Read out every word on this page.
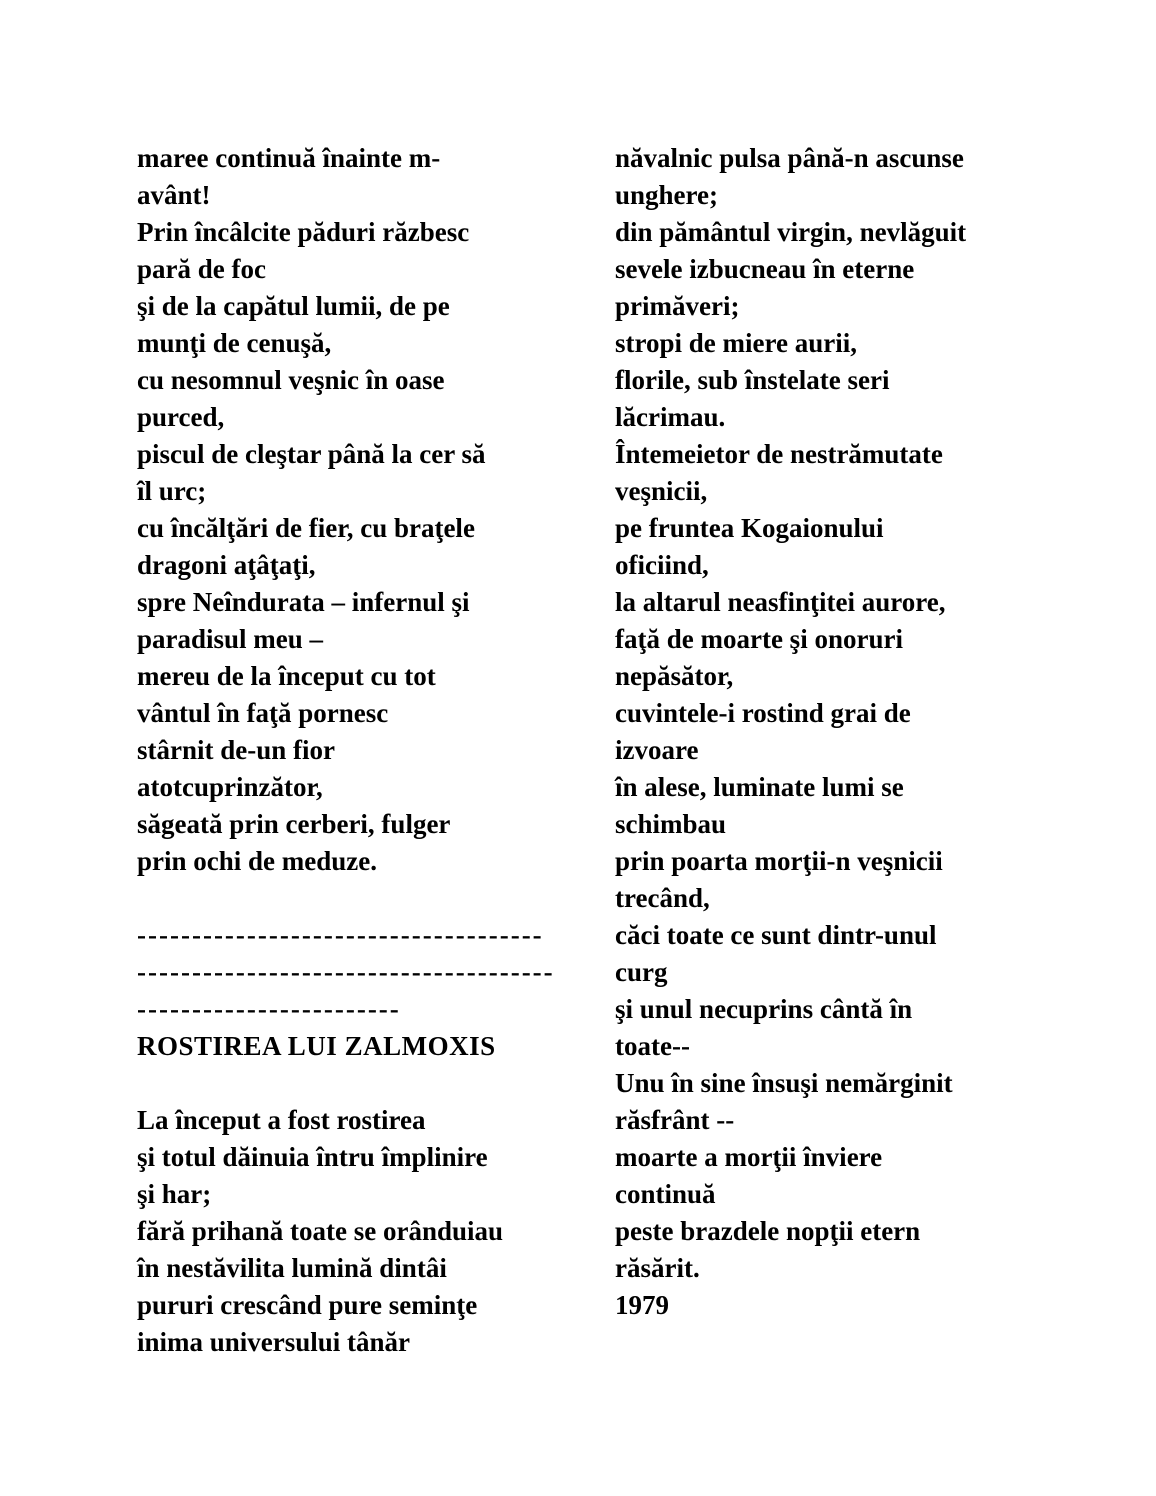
maree continuă înainte m-
avânt!
Prin încâlcite păduri răzbesc
pară de foc
şi de la capătul lumii, de pe
munţi de cenuşă,
cu nesomnul veşnic în oase
purced,
piscul de cleştar până la cer să
îl urc;
cu încălţări de fier, cu braţele
dragoni aţâţaţi,
spre Neîndurata – infernul şi
paradisul meu –
mereu de la început cu tot
vântul în faţă pornesc
stârnit de-un fior
atotcuprinzător,
săgeată prin cerberi, fulger
prin ochi de meduze.

-------------------------------------
--------------------------------------
------------------------
ROSTIREA LUI ZALMOXIS

La început a fost rostirea
şi totul dăinuia întru împlinire
şi har;
fără prihană toate se orânduiau
în nestăvilita lumină dintâi
pururi crescând pure seminţe
inima universului tânăr
năvalnic pulsa până-n ascunse
unghere;
din pământul virgin, nevlăguit
sevele izbucneau în eterne
primăveri;
stropi de miere aurii,
florile, sub înstelate seri
lăcrimau.
Întemeietor de nestrămutate
veşnicii,
pe fruntea Kogaionului
oficiind,
la altarul neasfinţitei aurore,
faţă de moarte şi onoruri
nepăsător,
cuvintele-i rostind grai de
izvoare
în alese, luminate lumi se
schimbau
prin poarta morţii-n veşnicii
trecând,
căci toate ce sunt dintr-unul
curg
şi unul necuprins cântă în
toate--
Unu în sine însuşi nemărginit
răsfrânt --
moarte a morţii înviere
continuă
peste brazdele nopţii etern
răsărit.
1979
